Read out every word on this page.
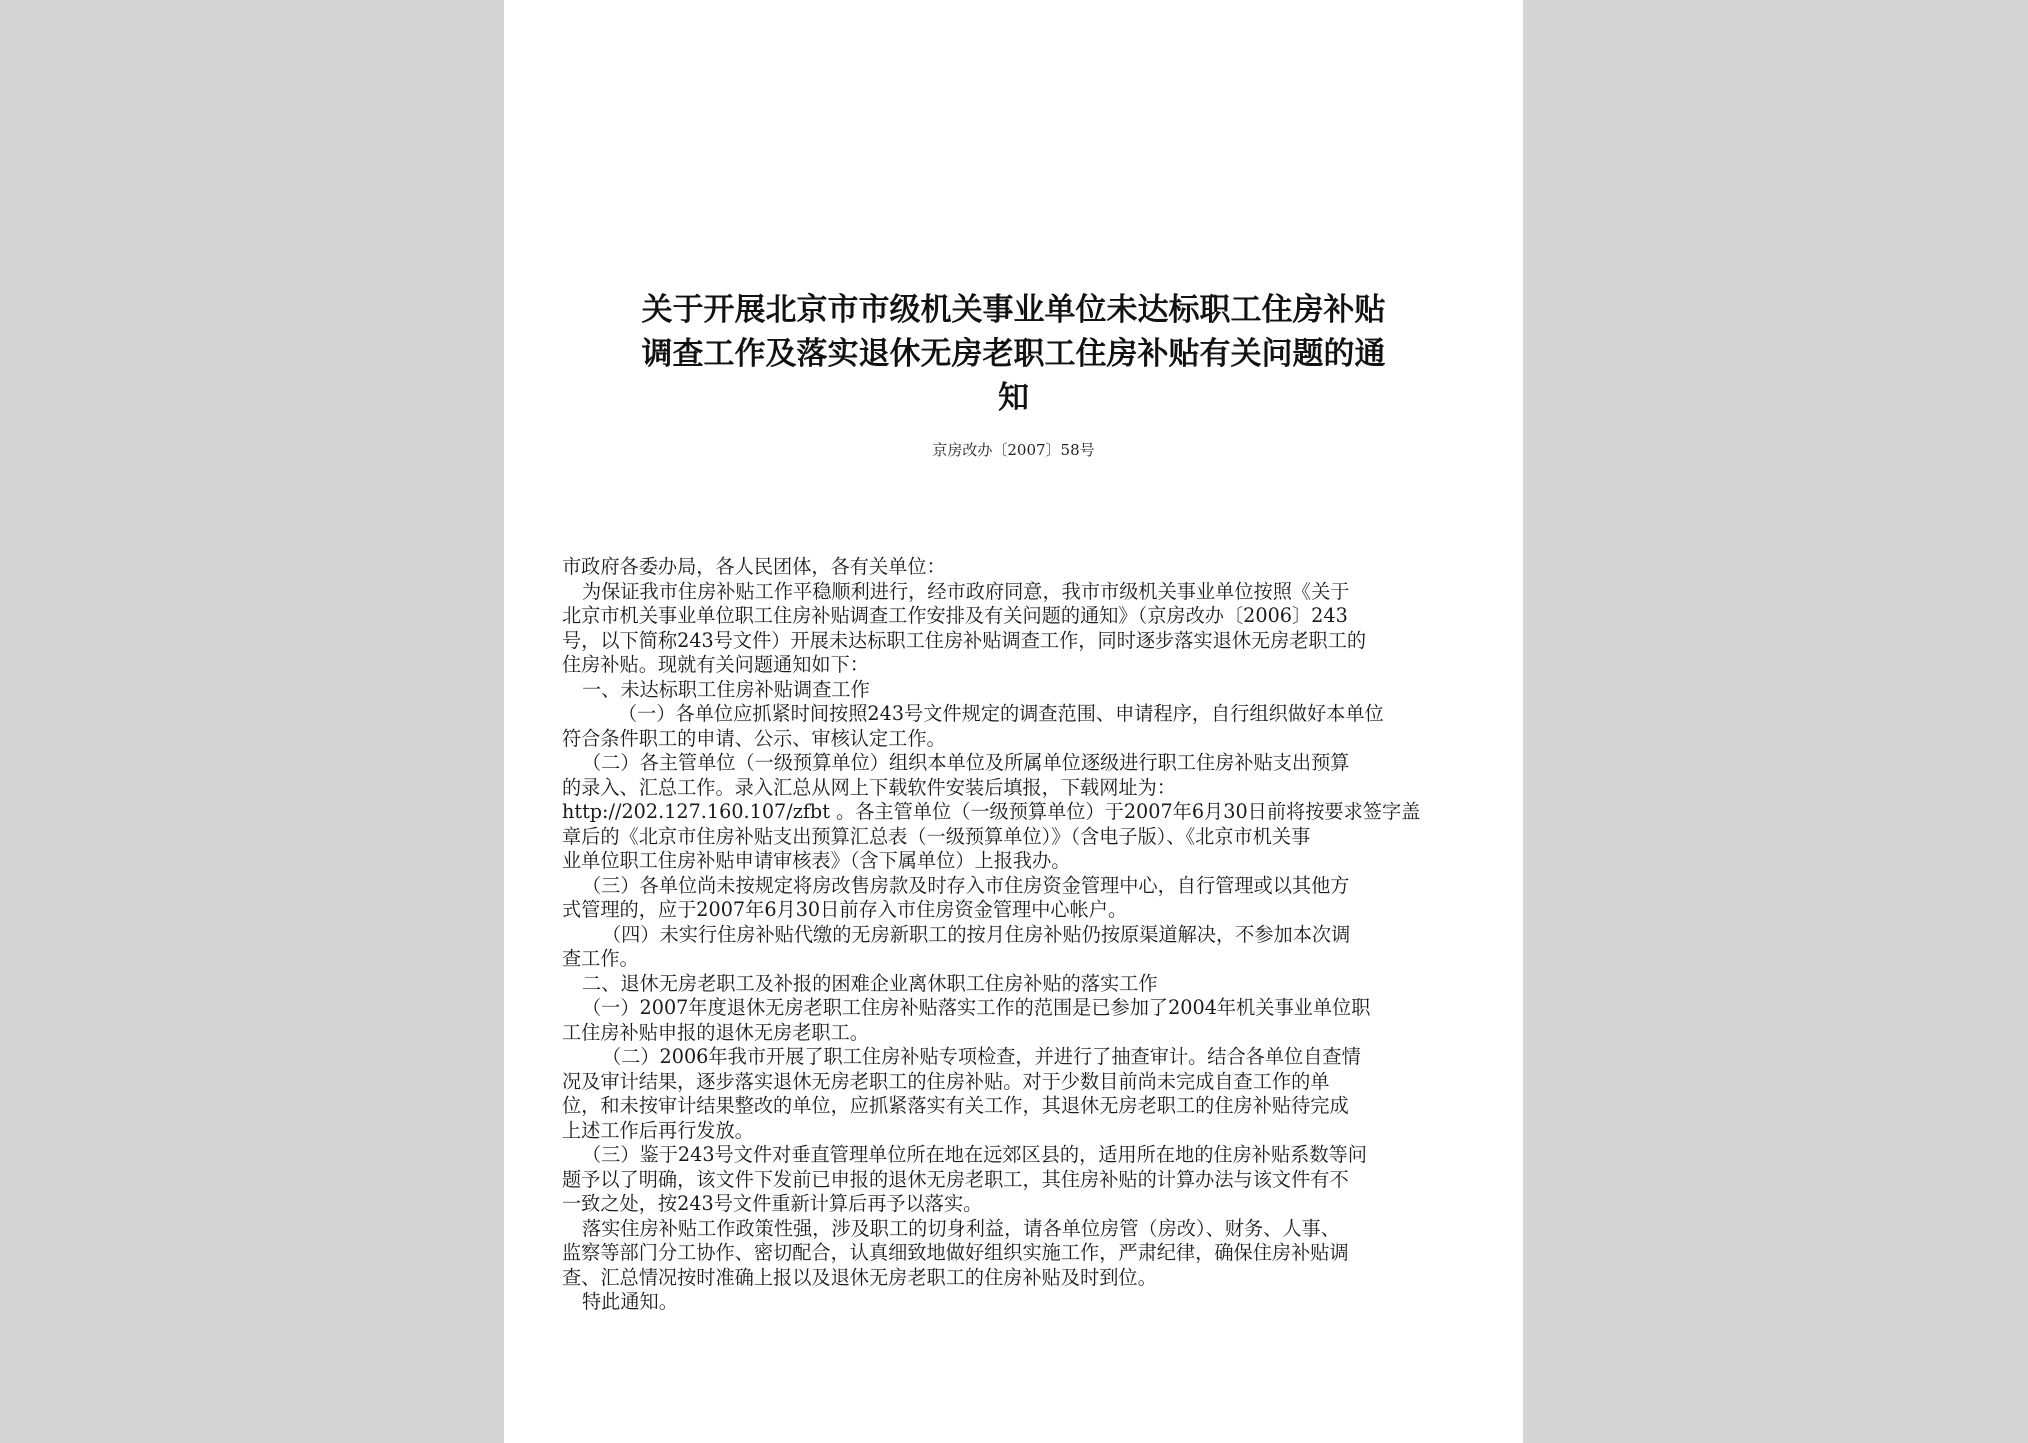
关于开展北京市市级机关事业单位未达标职工住房补贴
调查工作及落实退休无房老职工住房补贴有关问题的通
知
京房改办〔2007〕58号
市政府各委办局，各人民团体，各有关单位：
为保证我市住房补贴工作平稳顺利进行，经市政府同意，我市市级机关事业单位按照《关于
北京市机关事业单位职工住房补贴调查工作安排及有关问题的通知》（京房改办〔2006〕243
号，以下简称243号文件）开展未达标职工住房补贴调查工作，同时逐步落实退休无房老职工的
住房补贴。现就有关问题通知如下：
一、未达标职工住房补贴调查工作
（一）各单位应抓紧时间按照243号文件规定的调查范围、申请程序，自行组织做好本单位
符合条件职工的申请、公示、审核认定工作。
（二）各主管单位（一级预算单位）组织本单位及所属单位逐级进行职工住房补贴支出预算
的录入、汇总工作。录入汇总从网上下载软件安装后填报，下载网址为：
http://202.127.160.107/zfbt 。各主管单位（一级预算单位）于2007年6月30日前将按要求签字盖
章后的《北京市住房补贴支出预算汇总表（一级预算单位）》（含电子版）、《北京市机关事
业单位职工住房补贴申请审核表》（含下属单位）上报我办。
（三）各单位尚未按规定将房改售房款及时存入市住房资金管理中心，自行管理或以其他方
式管理的，应于2007年6月30日前存入市住房资金管理中心帐户。
（四）未实行住房补贴代缴的无房新职工的按月住房补贴仍按原渠道解决，不参加本次调
查工作。
二、退休无房老职工及补报的困难企业离休职工住房补贴的落实工作
（一）2007年度退休无房老职工住房补贴落实工作的范围是已参加了2004年机关事业单位职
工住房补贴申报的退休无房老职工。
（二）2006年我市开展了职工住房补贴专项检查，并进行了抽查审计。结合各单位自查情
况及审计结果，逐步落实退休无房老职工的住房补贴。对于少数目前尚未完成自查工作的单
位，和未按审计结果整改的单位，应抓紧落实有关工作，其退休无房老职工的住房补贴待完成
上述工作后再行发放。
（三）鉴于243号文件对垂直管理单位所在地在远郊区县的，适用所在地的住房补贴系数等问
题予以了明确，该文件下发前已申报的退休无房老职工，其住房补贴的计算办法与该文件有不
一致之处，按243号文件重新计算后再予以落实。
落实住房补贴工作政策性强，涉及职工的切身利益，请各单位房管（房改）、财务、人事、
监察等部门分工协作、密切配合，认真细致地做好组织实施工作，严肃纪律，确保住房补贴调
查、汇总情况按时准确上报以及退休无房老职工的住房补贴及时到位。
特此通知。
